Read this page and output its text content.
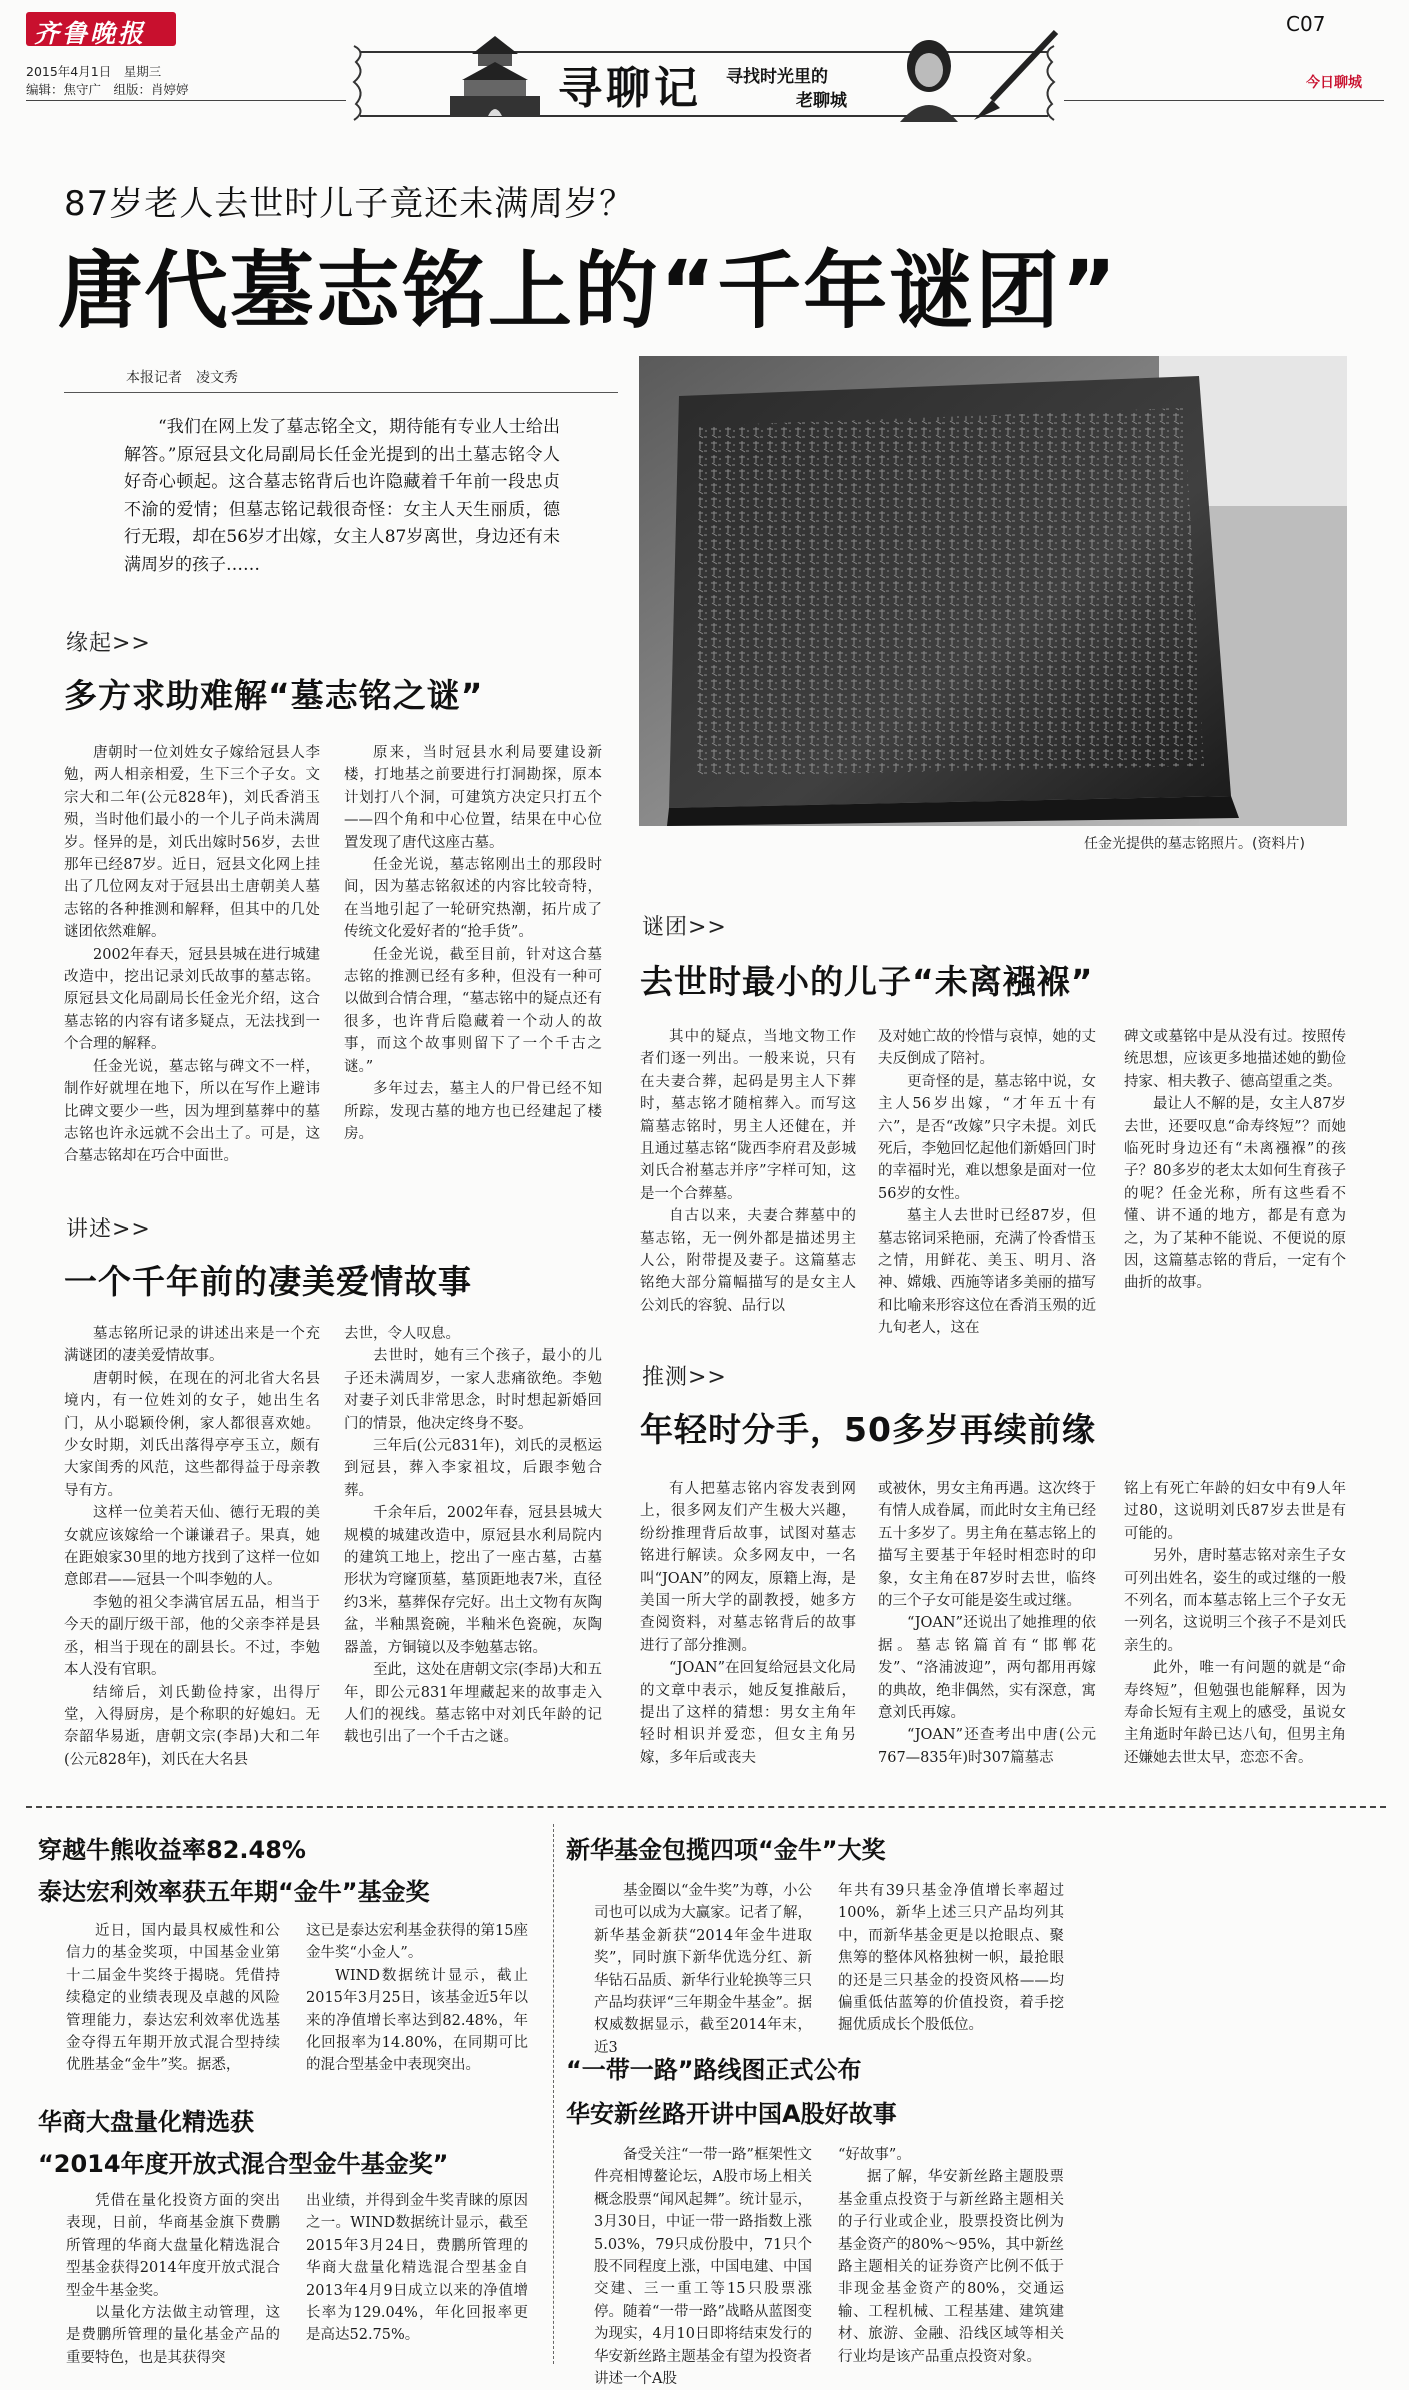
齐鲁晚报
2015年4月1日　星期三
编辑：焦守广　组版：肖婷婷	寻聊记 寻找时光里的
老聊城
C07
今日聊城
87岁老人去世时儿子竟还未满周岁？
唐代墓志铭上的“千年谜团”
本报记者　凌文秀
“我们在网上发了墓志铭全文，期待能有专业人士给出解答。”原冠县文化局副局长任金光提到的出土墓志铭令人好奇心顿起。这合墓志铭背后也许隐藏着千年前一段忠贞不渝的爱情；但墓志铭记载很奇怪：女主人天生丽质，德行无瑕，却在56岁才出嫁，女主人87岁离世，身边还有未满周岁的孩子……
任金光提供的墓志铭照片。(资料片)
缘起>>
多方求助难解“墓志铭之谜”

唐朝时一位刘姓女子嫁给冠县人李勉，两人相亲相爱，生下三个子女。文宗大和二年(公元828年)，刘氏香消玉殒，当时他们最小的一个儿子尚未满周岁。怪异的是，刘氏出嫁时56岁，去世那年已经87岁。近日，冠县文化网上挂出了几位网友对于冠县出土唐朝美人墓志铭的各种推测和解释，但其中的几处谜团依然难解。

2002年春天，冠县县城在进行城建改造中，挖出记录刘氏故事的墓志铭。原冠县文化局副局长任金光介绍，这合墓志铭的内容有诸多疑点，无法找到一个合理的解释。

任金光说，墓志铭与碑文不一样，制作好就埋在地下，所以在写作上避讳比碑文要少一些，因为埋到墓葬中的墓志铭也许永远就不会出土了。可是，这合墓志铭却在巧合中面世。

原来，当时冠县水利局要建设新楼，打地基之前要进行打洞勘探，原本计划打八个洞，可建筑方决定只打五个——四个角和中心位置，结果在中心位置发现了唐代这座古墓。

任金光说，墓志铭刚出土的那段时间，因为墓志铭叙述的内容比较奇特，在当地引起了一轮研究热潮，拓片成了传统文化爱好者的“抢手货”。

任金光说，截至目前，针对这合墓志铭的推测已经有多种，但没有一种可以做到合情合理，“墓志铭中的疑点还有很多，也许背后隐藏着一个动人的故事，而这个故事则留下了一个千古之谜。”

多年过去，墓主人的尸骨已经不知所踪，发现古墓的地方也已经建起了楼房。

讲述>>
一个千年前的凄美爱情故事

墓志铭所记录的讲述出来是一个充满谜团的凄美爱情故事。

唐朝时候，在现在的河北省大名县境内，有一位姓刘的女子，她出生名门，从小聪颖伶俐，家人都很喜欢她。少女时期，刘氏出落得亭亭玉立，颇有大家闺秀的风范，这些都得益于母亲教导有方。

这样一位美若天仙、德行无瑕的美女就应该嫁给一个谦谦君子。果真，她在距娘家30里的地方找到了这样一位如意郎君——冠县一个叫李勉的人。

李勉的祖父李满官居五品，相当于今天的副厅级干部，他的父亲李祥是县丞，相当于现在的副县长。不过，李勉本人没有官职。

结缔后，刘氏勤俭持家，出得厅堂，入得厨房，是个称职的好媳妇。无奈韶华易逝，唐朝文宗(李昂)大和二年(公元828年)，刘氏在大名县

去世，令人叹息。

去世时，她有三个孩子，最小的儿子还未满周岁，一家人悲痛欲绝。李勉对妻子刘氏非常思念，时时想起新婚回门的情景，他决定终身不娶。

三年后(公元831年)，刘氏的灵柩运到冠县，葬入李家祖坟，后跟李勉合葬。

千余年后，2002年春，冠县县城大规模的城建改造中，原冠县水利局院内的建筑工地上，挖出了一座古墓，古墓形状为穹窿顶墓，墓顶距地表7米，直径约3米，墓葬保存完好。出土文物有灰陶盆，半釉黑瓷碗，半釉米色瓷碗，灰陶器盖，方铜镜以及李勉墓志铭。

至此，这处在唐朝文宗(李昂)大和五年，即公元831年埋藏起来的故事走入人们的视线。墓志铭中对刘氏年龄的记载也引出了一个千古之谜。

谜团>>
去世时最小的儿子“未离襁褓”

其中的疑点，当地文物工作者们逐一列出。一般来说，只有在夫妻合葬，起码是男主人下葬时，墓志铭才随棺葬入。而写这篇墓志铭时，男主人还健在，并且通过墓志铭“陇西李府君及彭城刘氏合祔墓志并序”字样可知，这是一个合葬墓。

自古以来，夫妻合葬墓中的墓志铭，无一例外都是描述男主人公，附带提及妻子。这篇墓志铭绝大部分篇幅描写的是女主人公刘氏的容貌、品行以

及对她亡故的怜惜与哀悼，她的丈夫反倒成了陪衬。

更奇怪的是，墓志铭中说，女主人56岁出嫁，“才年五十有六”，是否“改嫁”只字未提。刘氏死后，李勉回忆起他们新婚回门时的幸福时光，难以想象是面对一位56岁的女性。

墓主人去世时已经87岁，但墓志铭词采艳丽，充满了怜香惜玉之情，用鲜花、美玉、明月、洛神、嫦娥、西施等诸多美丽的描写和比喻来形容这位在香消玉殒的近九旬老人，这在

碑文或墓铭中是从没有过。按照传统思想，应该更多地描述她的勤俭持家、相夫教子、德高望重之类。

最让人不解的是，女主人87岁去世，还要叹息“命寿终短”？而她临死时身边还有“未离襁褓”的孩子？80多岁的老太太如何生育孩子的呢？任金光称，所有这些看不懂、讲不通的地方，都是有意为之，为了某种不能说、不便说的原因，这篇墓志铭的背后，一定有个曲折的故事。

推测>>
年轻时分手，50多岁再续前缘

有人把墓志铭内容发表到网上，很多网友们产生极大兴趣，纷纷推理背后故事，试图对墓志铭进行解读。众多网友中，一名叫“JOAN”的网友，原籍上海，是美国一所大学的副教授，她多方查阅资料，对墓志铭背后的故事进行了部分推测。

“JOAN”在回复给冠县文化局的文章中表示，她反复推敲后，提出了这样的猜想：男女主角年轻时相识并爱恋，但女主角另嫁，多年后或丧夫

或被休，男女主角再遇。这次终于有情人成眷属，而此时女主角已经五十多岁了。男主角在墓志铭上的描写主要基于年轻时相恋时的印象，女主角在87岁时去世，临终的三个子女可能是姿生或过继。

“JOAN”还说出了她推理的依据。墓志铭篇首有“邯郸花发”、“洛浦波迎”，两句都用再嫁的典故，绝非偶然，实有深意，寓意刘氏再嫁。

“JOAN”还查考出中唐(公元767—835年)时307篇墓志

铭上有死亡年龄的妇女中有9人年过80，这说明刘氏87岁去世是有可能的。

另外，唐时墓志铭对亲生子女可列出姓名，姿生的或过继的一般不列名，而本墓志铭上三个子女无一列名，这说明三个孩子不是刘氏亲生的。

此外，唯一有问题的就是“命寿终短”，但勉强也能解释，因为寿命长短有主观上的感受，虽说女主角逝时年龄已达八旬，但男主角还嫌她去世太早，恋恋不舍。

穿越牛熊收益率82.48%
泰达宏利效率获五年期“金牛”基金奖

近日，国内最具权威性和公信力的基金奖项，中国基金业第十二届金牛奖终于揭晓。凭借持续稳定的业绩表现及卓越的风险管理能力，泰达宏利效率优选基金夺得五年期开放式混合型持续优胜基金“金牛”奖。据悉，

这已是泰达宏利基金获得的第15座金牛奖“小金人”。

WIND数据统计显示，截止2015年3月25日，该基金近5年以来的净值增长率达到82.48%，年化回报率为14.80%，在同期可比的混合型基金中表现突出。

华商大盘量化精选获
“2014年度开放式混合型金牛基金奖”

凭借在量化投资方面的突出表现，日前，华商基金旗下费鹏所管理的华商大盘量化精选混合型基金获得2014年度开放式混合型金牛基金奖。

以量化方法做主动管理，这是费鹏所管理的量化基金产品的重要特色，也是其获得突

出业绩，并得到金牛奖青睐的原因之一。WIND数据统计显示，截至2015年3月24日，费鹏所管理的华商大盘量化精选混合型基金自2013年4月9日成立以来的净值增长率为129.04%，年化回报率更是高达52.75%。

新华基金包揽四项“金牛”大奖

基金圈以“金牛奖”为尊，小公司也可以成为大赢家。记者了解，新华基金新获“2014年金牛进取奖”，同时旗下新华优选分红、新华钻石品质、新华行业轮换等三只产品均获评“三年期金牛基金”。据权威数据显示，截至2014年末，近3

年共有39只基金净值增长率超过100%，新华上述三只产品均列其中，而新华基金更是以抢眼点、聚焦筹的整体风格独树一帜，最抢眼的还是三只基金的投资风格——均偏重低估蓝筹的价值投资，着手挖掘优质成长个股低位。

“一带一路”路线图正式公布
华安新丝路开讲中国A股好故事

备受关注“一带一路”框架性文件亮相博鳌论坛，A股市场上相关概念股票“闻风起舞”。统计显示，3月30日，中证一带一路指数上涨5.03%，79只成份股中，71只个股不同程度上涨，中国电建、中国交建、三一重工等15只股票涨停。随着“一带一路”战略从蓝图变为现实，4月10日即将结束发行的华安新丝路主题基金有望为投资者讲述一个A股

“好故事”。

据了解，华安新丝路主题股票基金重点投资于与新丝路主题相关的子行业或企业，股票投资比例为基金资产的80%～95%，其中新丝路主题相关的证券资产比例不低于非现金基金资产的80%，交通运输、工程机械、工程基建、建筑建材、旅游、金融、沿线区域等相关行业均是该产品重点投资对象。
